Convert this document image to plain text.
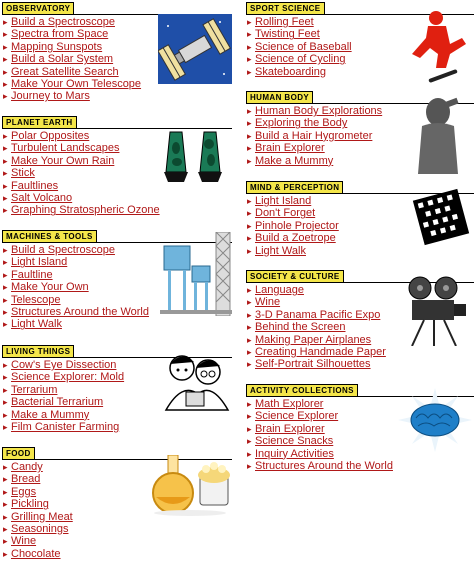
OBSERVATORY
▸ Build a Spectroscope
▸ Spectra from Space
▸ Mapping Sunspots
▸ Build a Solar System
▸ Great Satellite Search
▸ Make Your Own Telescope
▸ Journey to Mars
PLANET EARTH
▸ Polar Opposites
▸ Turbulent Landscapes
▸ Make Your Own Rain
▸ Stick
▸ Faultlines
▸ Salt Volcano
▸ Graphing Stratospheric Ozone
MACHINES & TOOLS
▸ Build a Spectroscope
▸ Light Island
▸ Faultline
▸ Make Your Own
▸ Telescope
▸ Structures Around the World
▸ Light Walk
LIVING THINGS
▸ Cow's Eye Dissection
▸ Science Explorer: Mold
▸ Terrarium
▸ Bacterial Terrarium
▸ Make a Mummy
▸ Film Canister Farming
FOOD
▸ Candy
▸ Bread
▸ Eggs
▸ Pickling
▸ Grilling Meat
▸ Seasonings
▸ Wine
▸ Chocolate
SPORT SCIENCE
▸ Rolling Feet
▸ Twisting Feet
▸ Science of Baseball
▸ Science of Cycling
▸ Skateboarding
HUMAN BODY
▸ Human Body Explorations
▸ Exploring the Body
▸ Build a Hair Hygrometer
▸ Brain Explorer
▸ Make a Mummy
MIND & PERCEPTION
▸ Light Island
▸ Don't Forget
▸ Pinhole Projector
▸ Build a Zoetrope
▸ Light Walk
SOCIETY & CULTURE
▸ Language
▸ Wine
▸ 3-D Panama Pacific Expo
▸ Behind the Screen
▸ Making Paper Airplanes
▸ Creating Handmade Paper
▸ Self-Portrait Silhouettes
ACTIVITY COLLECTIONS
▸ Math Explorer
▸ Science Explorer
▸ Brain Explorer
▸ Science Snacks
▸ Inquiry Activities
▸ Structures Around the World
